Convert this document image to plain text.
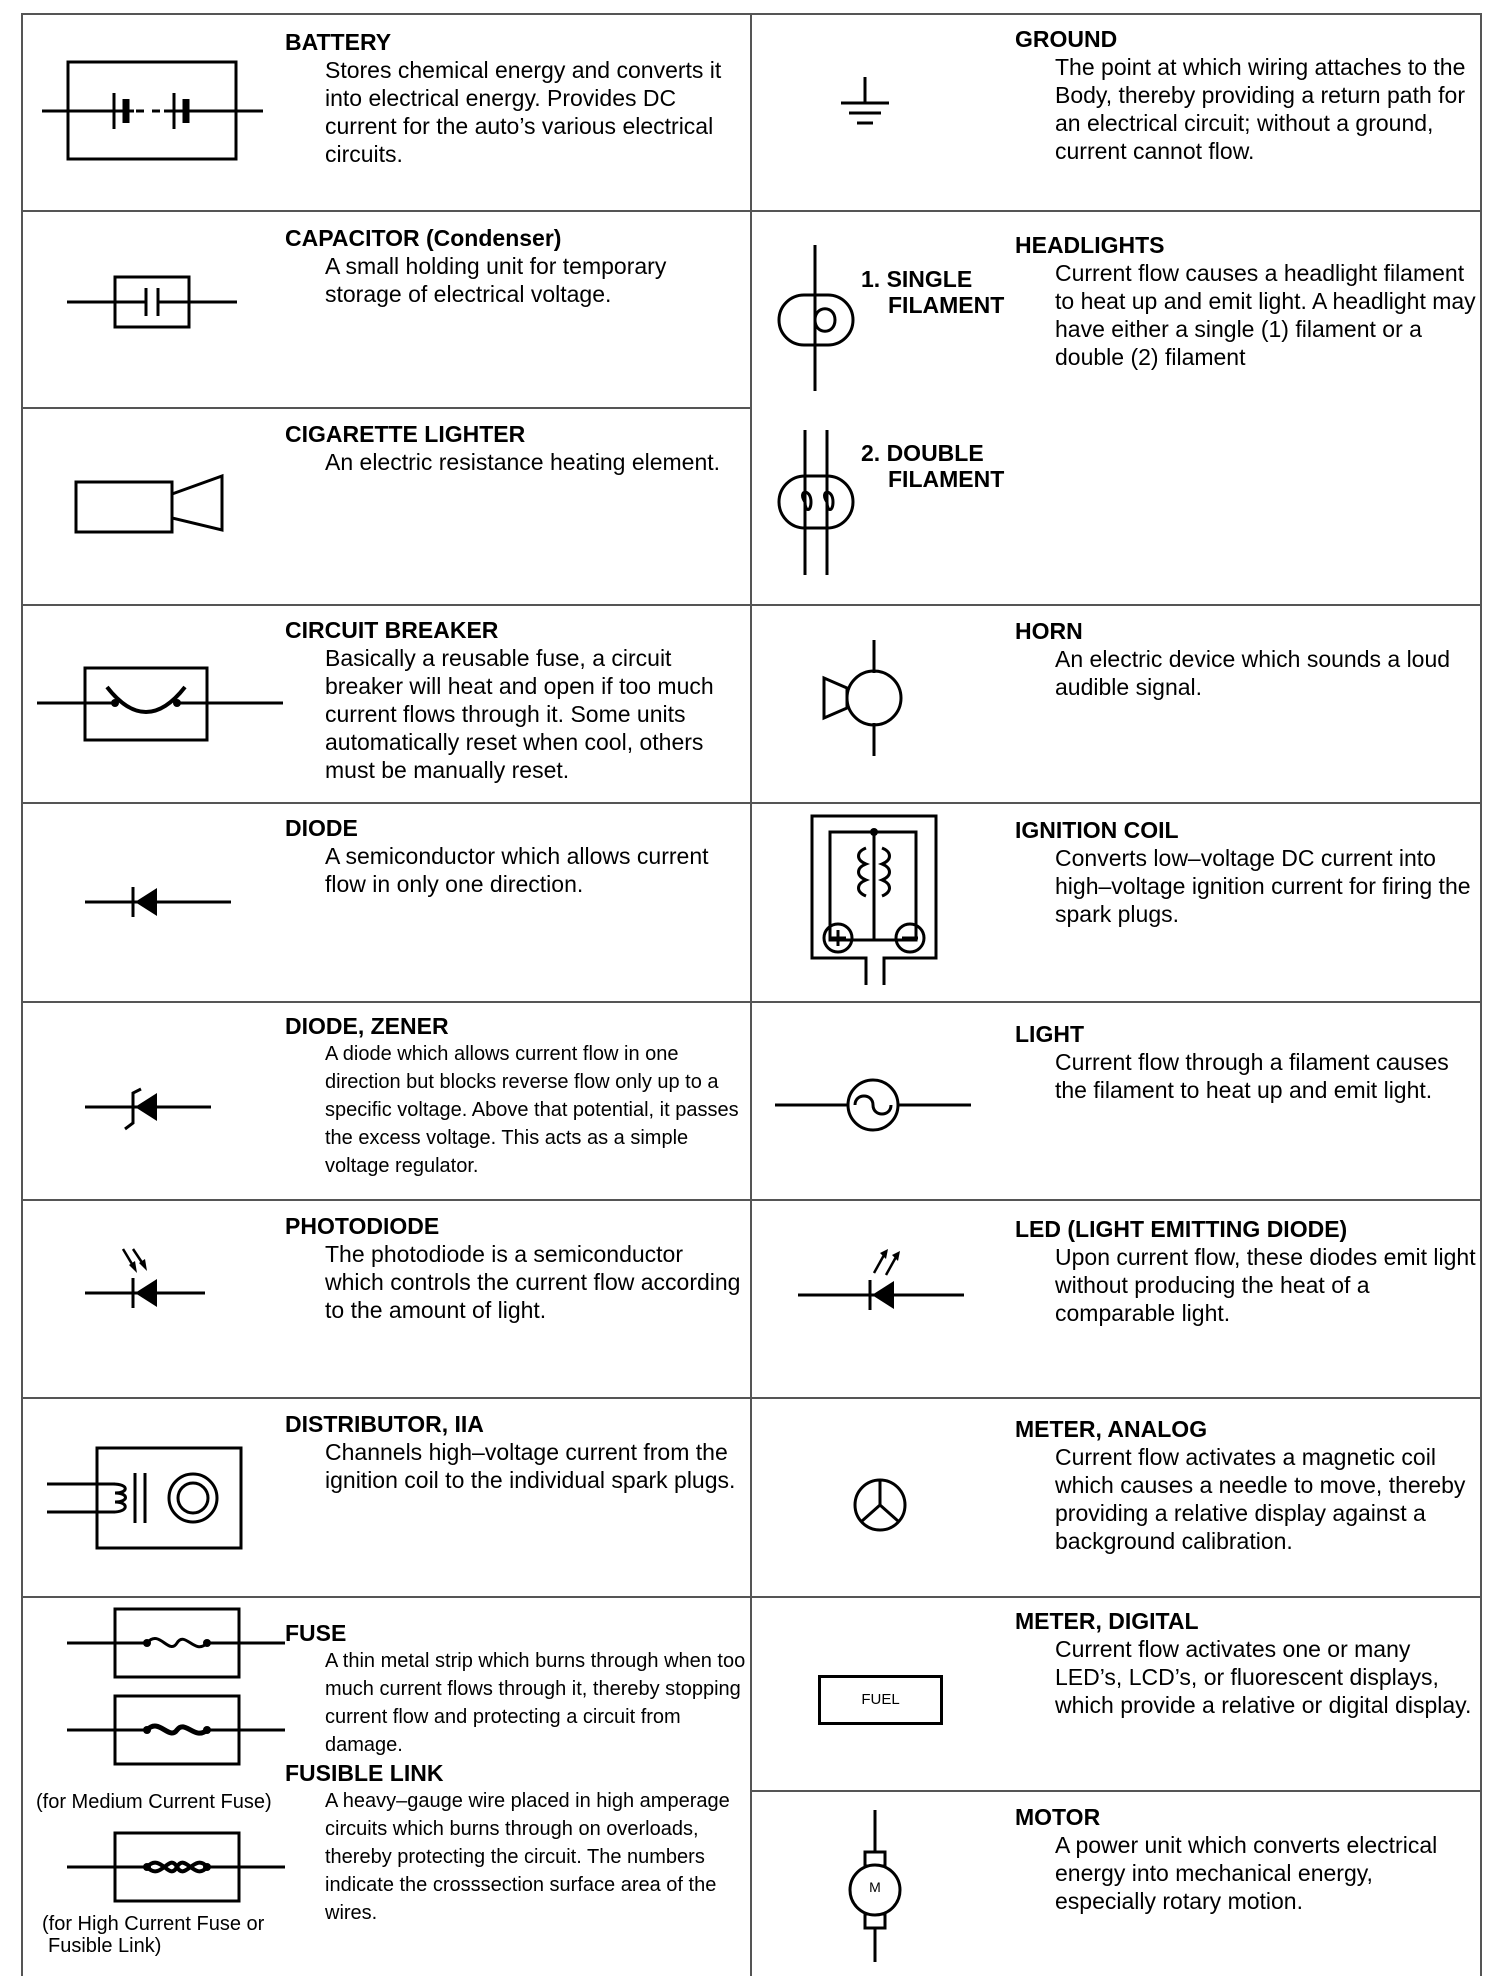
BATTERY
Stores chemical energy and converts it into electrical energy. Provides DC current for the auto’s various electrical circuits.
CAPACITOR (Condenser)
A small holding unit for temporary storage of electrical voltage.
CIGARETTE LIGHTER
An electric resistance heating element.
CIRCUIT BREAKER
Basically a reusable fuse, a circuit breaker will heat and open if too much current flows through it. Some units automatically reset when cool, others must be manually reset.
DIODE
A semiconductor which allows current flow in only one direction.
DIODE, ZENER
A diode which allows current flow in one direction but blocks reverse flow only up to a specific voltage. Above that potential, it passes the excess voltage. This acts as a simple voltage regulator.
PHOTODIODE
The photodiode is a semiconductor which controls the current flow according to the amount of light.
DISTRIBUTOR, IIA
Channels high–voltage current from the ignition coil to the individual spark plugs.
FUSE
A thin metal strip which burns through when too much current flows through it, thereby stopping current flow and protecting a circuit from damage.
FUSIBLE LINK
A heavy–gauge wire placed in high amperage circuits which burns through on overloads, thereby protecting the circuit. The numbers indicate the crosssection surface area of the wires.
GROUND
The point at which wiring attaches to the Body, thereby providing a return path for an electrical circuit; without a ground, current cannot flow.
HEADLIGHTS
Current flow causes a headlight filament to heat up and emit light. A headlight may have either a single (1) filament or a double (2) filament
HORN
An electric device which sounds a loud audible signal.
IGNITION COIL
Converts low–voltage DC current into high–voltage ignition current for firing the spark plugs.
LIGHT
Current flow through a filament causes the filament to heat up and emit light.
LED (LIGHT EMITTING DIODE)
Upon current flow, these diodes emit light without producing the heat of a comparable light.
METER, ANALOG
Current flow activates a magnetic coil which causes a needle to move, thereby providing a relative display against a background calibration.
METER, DIGITAL
Current flow activates one or many LED’s, LCD’s, or fluorescent displays, which provide a relative or digital display.
MOTOR
A power unit which converts electrical energy into mechanical energy, especially rotary motion.
1. SINGLE
FILAMENT
2. DOUBLE
FILAMENT
(for Medium Current Fuse)
(for High Current Fuse or
Fusible Link)
FUEL
M
